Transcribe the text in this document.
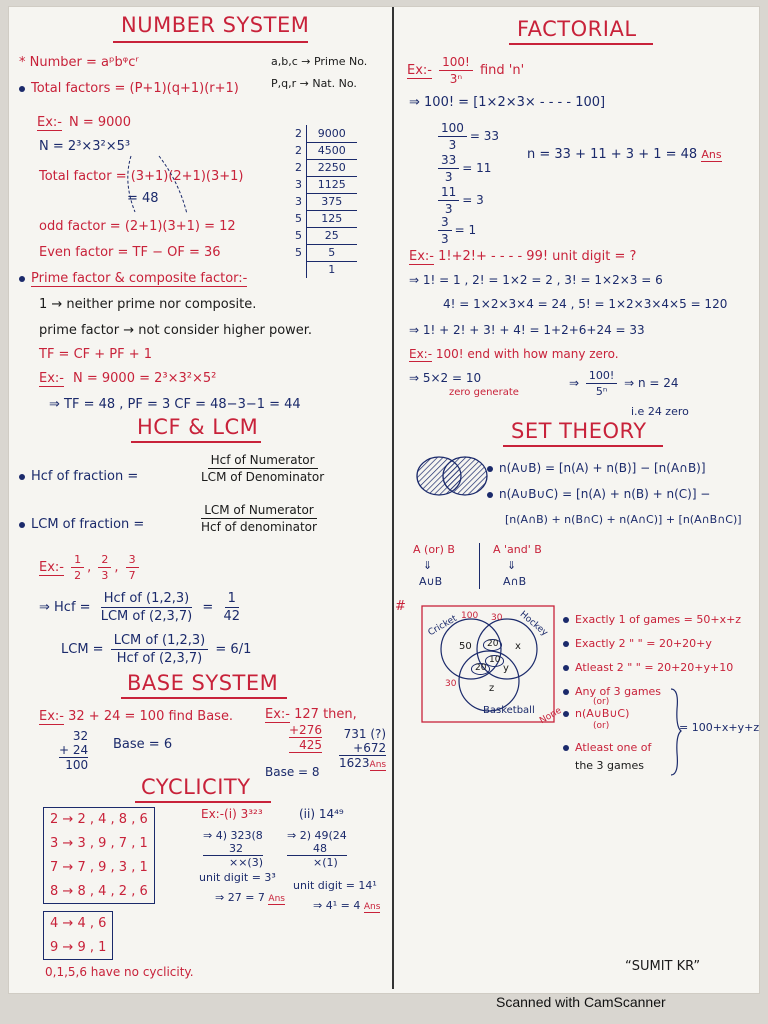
NUMBER SYSTEM
* Number = aᵖbᵠcʳ	a,b,c → Prime No.
Total factors = (P+1)(q+1)(r+1)	P,q,r → Nat. No.
Ex:- N = 9000
N = 2³×3²×5³
Total factor = (3+1)(2+1)(3+1)
= 48
odd factor = (2+1)(3+1) = 12
Even factor = TF − OF = 36
2	9000
2	4500
2	2250
3	1125
3	375
5	125
5	25
5	5
	1
Prime factor & composite factor:-
1 → neither prime nor composite.
prime factor → not consider higher power.
TF = CF + PF + 1
Ex:- N = 9000 = 2³×3²×5²
⇒ TF = 48 , PF = 3 CF = 48−3−1 = 44
HCF & LCM
Hcf of fraction =	$\frac{\text{Hcf of Numerator}}{\text{LCM of Denominator}}$
LCM of fraction =	$\frac{\text{LCM of Numerator}}{\text{Hcf of denominator}}$
Ex:- $\frac{1}{2}$ , $\frac{2}{3}$ , $\frac{3}{7}$
⇒ Hcf = $\frac{\text{Hcf of (1,2,3)}}{\text{LCM of (2,3,7)}} = \frac{1}{42}$
LCM = $\frac{\text{LCM of (1,2,3)}}{\text{Hcf of (2,3,7)}} = 6/1$
BASE SYSTEM
Ex:- 32 + 24 = 100 find Base.
32
+ 24
100
Base = 6
Ex:- 127 then,
+276
425
Base = 8
731 (?)
+672
1623Ans
CYCLICITY
2 → 2 , 4 , 8 , 6
3 → 3 , 9 , 7 , 1
7 → 7 , 9 , 3 , 1
8 → 8 , 4 , 2 , 6
4 → 4 , 6
9 → 9 , 1
0,1,5,6 have no cyclicity.
Ex:-(i) 3³²³	(ii) 14⁴⁹
⇒ 4) 323(8
32
××(3)
⇒ 2) 49(24
48
×(1)
unit digit = 3³
⇒ 27 = 7 Ans
unit digit = 14¹
⇒ 4¹ = 4 Ans
FACTORIAL
Ex:- $\frac{100!}{\text{3ⁿ}}$ find 'n'
⇒ 100! = [1×2×3× - - - - 100]
$\frac{100}{3} = 33$
$\frac{33}{3} = 11$
$\frac{11}{3} = 3$
$\frac{3}{3} = 1$
n = 33 + 11 + 3 + 1 = 48 Ans
Ex:- 1!+2!+ - - - - 99! unit digit = ?
⇒ 1! = 1 , 2! = 1×2 = 2 , 3! = 1×2×3 = 6
4! = 1×2×3×4 = 24 , 5! = 1×2×3×4×5 = 120
⇒ 1! + 2! + 3! + 4! = 1+2+6+24 = 33
Ex:- 100! end with how many zero.
⇒ 5×2 = 10
zero generate
⇒ $\frac{100!}{\text{5ⁿ}}$ ⇒ n = 24
i.e 24 zero
SET THEORY
n(A∪B) = [n(A) + n(B)] − [n(A∩B)]
n(A∪B∪C) = [n(A) + n(B) + n(C)] −
[n(A∩B) + n(B∩C) + n(A∩C)] + [n(A∩B∩C)]
A (or) B
⇓
A∪B
A 'and' B
⇓
A∩B
#
Cricket 100 30 Hockey
50	20	x
10
20	y
z
30
Basketball None
Exactly 1 of games = 50+x+z
Exactly 2 " " = 20+20+y
Atleast 2 " " = 20+20+y+10
Any of 3 games
(or)
n(A∪B∪C)
(or)
Atleast one of
the 3 games
= 100+x+y+z
“SUMIT KR”
Scanned with CamScanner
